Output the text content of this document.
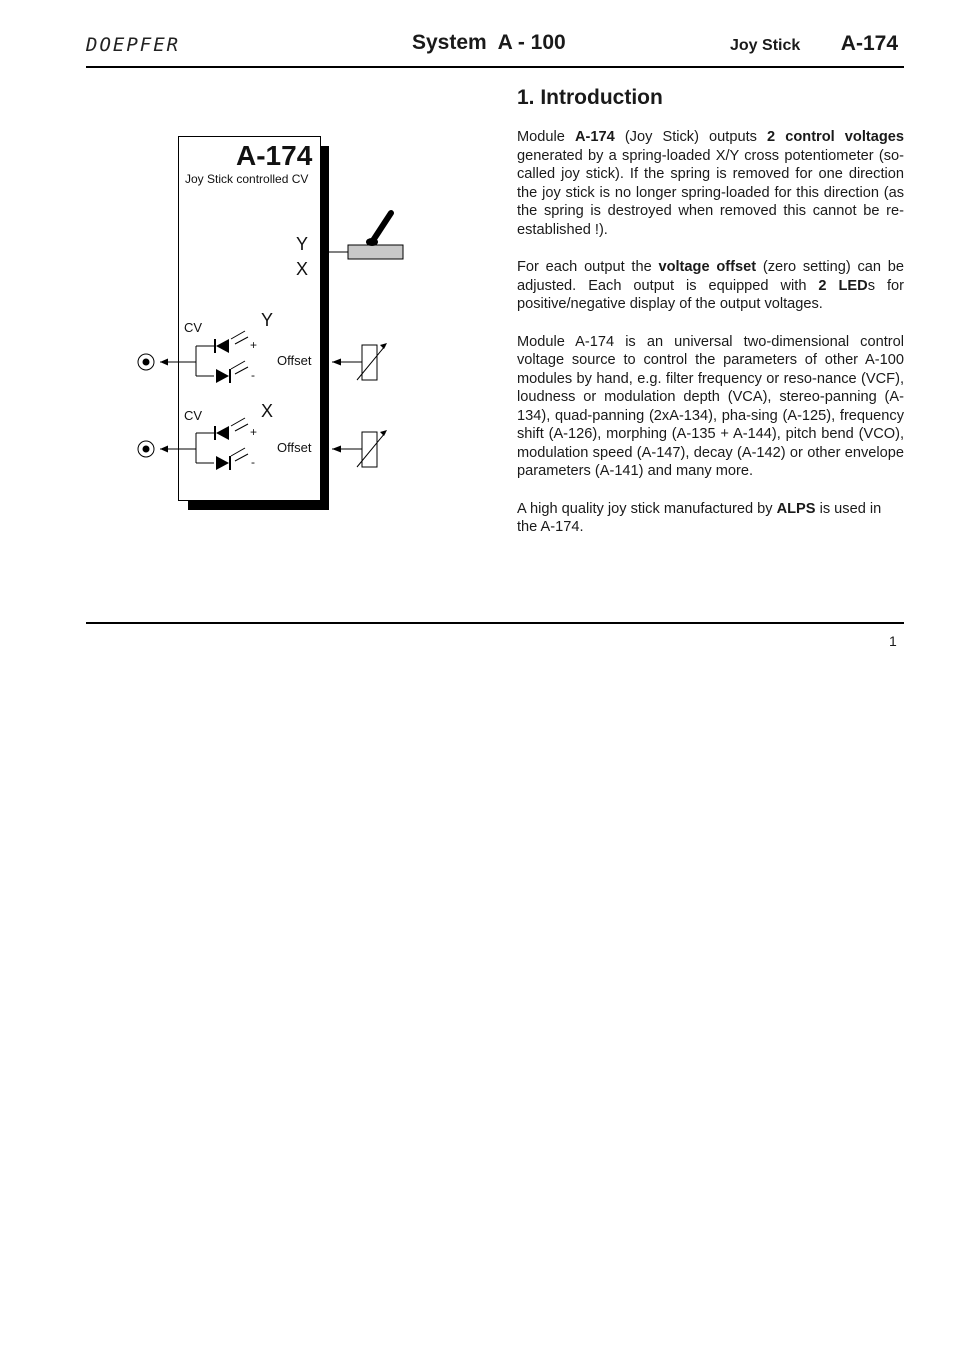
DOEPFER	System  A - 100	Joy Stick A-174
A-174
Joy Stick controlled CV
Y
X
CV	Y
+
-
Offset
CV	X
+
-
Offset
1. Introduction

Module A-174 (Joy Stick) outputs 2 control voltages generated by a spring-loaded X/Y cross potentiometer (so-called joy stick). If the spring is removed for one direction the joy stick is no longer spring-loaded for this direction (as the spring is destroyed when removed this cannot be re-established !).

For each output the voltage offset (zero setting) can be adjusted. Each output is equipped with 2 LEDs for positive/negative display of the output voltages.

Module A-174 is an universal two-dimensional control voltage source to control the parameters of other A-100 modules by hand, e.g. filter frequency or reso-nance (VCF), loudness or modulation depth (VCA), stereo-panning (A-134), quad-panning (2xA-134), pha-sing (A-125), frequency shift (A-126), morphing (A-135 + A-144), pitch bend (VCO), modulation speed (A-147), decay (A-142) or other envelope parameters (A-141) and many more.

A high quality joy stick manufactured by ALPS is used in the A-174.

1
